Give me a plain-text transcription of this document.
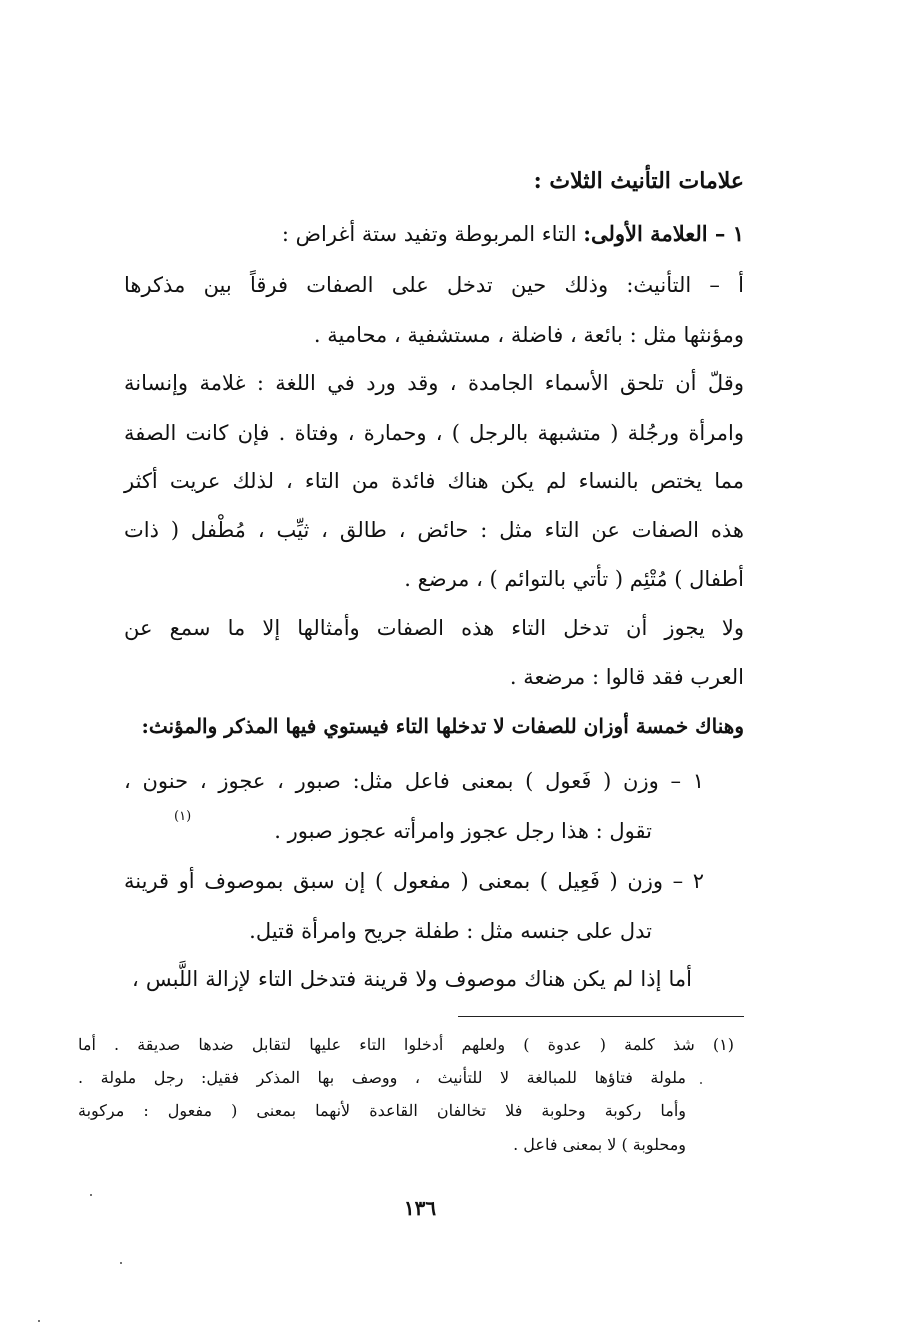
علامات التأنيث الثلاث :
١ – العلامة الأولى: التاء المربوطة وتفيد ستة أغراض :
أ – التأنيث: وذلك حين تدخل على الصفات فرقاً بين مذكرها
ومؤنثها مثل : بائعة ، فاضلة ، مستشفية ، محامية .
وقلّ أن تلحق الأسماء الجامدة ، وقد ورد في اللغة : غلامة وإنسانة
وامرأة ورجُلة ( متشبهة بالرجل ) ، وحمارة ، وفتاة . فإن كانت الصفة
مما يختص بالنساء لم يكن هناك فائدة من التاء ، لذلك عريت أكثر
هذه الصفات عن التاء مثل : حائض ، طالق ، ثيِّب ، مُطْفل ( ذات
أطفال ) مُتْئِم ( تأتي بالتوائم ) ، مرضع .
ولا يجوز أن تدخل التاء هذه الصفات وأمثالها إلا ما سمع عن
العرب فقد قالوا : مرضعة .
وهناك خمسة أوزان للصفات لا تدخلها التاء فيستوي فيها المذكر والمؤنث:
١ – وزن ( فَعول ) بمعنى فاعل مثل: صبور ، عجوز ، حنون ،
تقول : هذا رجل عجوز وامرأته عجوز صبور .
(١)
٢ – وزن ( فَعِيل ) بمعنى ( مفعول ) إن سبق بموصوف أو قرينة
تدل على جنسه مثل : طفلة جريح وامرأة قتيل.
أما إذا لم يكن هناك موصوف ولا قرينة فتدخل التاء لإزالة اللَّبس ،
(١) شذ كلمة ( عدوة ) ولعلهم أدخلوا التاء عليها لتقابل ضدها صديقة . أما
ملولة فتاؤها للمبالغة لا للتأنيث ، ووصف بها المذكر فقيل: رجل ملولة .
وأما ركوبة وحلوبة فلا تخالفان القاعدة لأنهما بمعنى ( مفعول : مركوبة
ومحلوبة ) لا بمعنى فاعل .
١٣٦
